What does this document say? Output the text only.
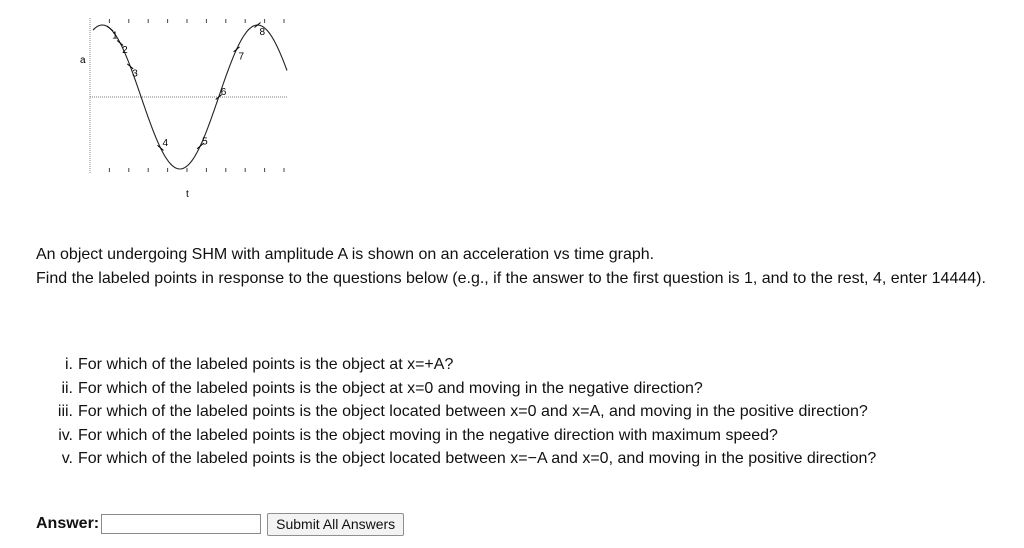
1
2
3
4	5
6
7
8
a
t

An object undergoing SHM with amplitude A is shown on an acceleration vs time graph.

Find the labeled points in response to the questions below (e.g., if the answer to the first question is 1, and to the rest, 4, enter 14444).

i. For which of the labeled points is the object at x=+A?
ii. For which of the labeled points is the object at x=0 and moving in the negative direction?
iii. For which of the labeled points is the object located between x=0 and x=A, and moving in the positive direction?
iv. For which of the labeled points is the object moving in the negative direction with maximum speed?
v. For which of the labeled points is the object located between x=−A and x=0, and moving in the positive direction?
Answer:	Submit All Answers
